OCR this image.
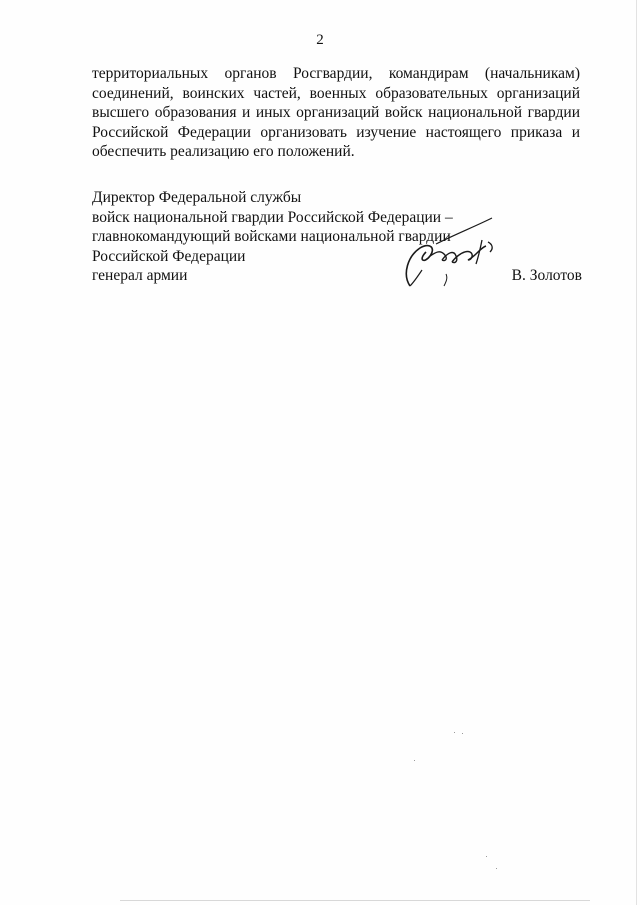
2
территориальных органов Росгвардии, командирам (начальникам)
соединений, воинских частей, военных образовательных организаций
высшего образования и иных организаций войск национальной гвардии
Российской Федерации организовать изучение настоящего приказа и
обеспечить реализацию его положений.
Директор Федеральной службы
войск национальной гвардии Российской Федерации –
главнокомандующий войсками национальной гвардии
Российской Федерации
генерал армии	В. Золотов
